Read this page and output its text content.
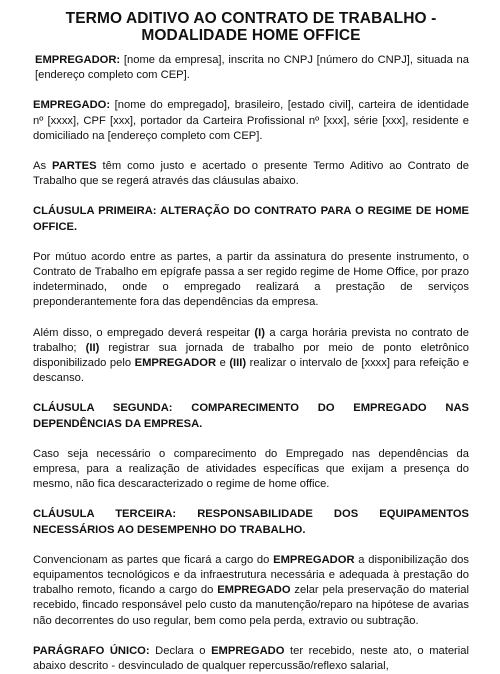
TERMO ADITIVO AO CONTRATO DE TRABALHO -
MODALIDADE HOME OFFICE

EMPREGADOR: [nome da empresa], inscrita no CNPJ [número do CNPJ], situada na [endereço completo com CEP].

EMPREGADO: [nome do empregado], brasileiro, [estado civil], carteira de identidade nº [xxxx], CPF [xxx], portador da Carteira Profissional nº [xxx], série [xxx], residente e domiciliado na [endereço completo com CEP].

As PARTES têm como justo e acertado o presente Termo Aditivo ao Contrato de Trabalho que se regerá através das cláusulas abaixo.

CLÁUSULA PRIMEIRA: ALTERAÇÃO DO CONTRATO PARA O REGIME DE HOME OFFICE.

Por mútuo acordo entre as partes, a partir da assinatura do presente instrumento, o Contrato de Trabalho em epígrafe passa a ser regido regime de Home Office, por prazo indeterminado, onde o empregado realizará a prestação de serviços preponderantemente fora das dependências da empresa.

Além disso, o empregado deverá respeitar (I) a carga horária prevista no contrato de trabalho; (II) registrar sua jornada de trabalho por meio de ponto eletrônico disponibilizado pelo EMPREGADOR e (III) realizar o intervalo de [xxxx] para refeição e descanso.

CLÁUSULA SEGUNDA: COMPARECIMENTO DO EMPREGADO NAS
DEPENDÊNCIAS DA EMPRESA.

Caso seja necessário o comparecimento do Empregado nas dependências da empresa, para a realização de atividades específicas que exijam a presença do mesmo, não fica descaracterizado o regime de home office.

CLÁUSULA TERCEIRA: RESPONSABILIDADE DOS EQUIPAMENTOS
NECESSÁRIOS AO DESEMPENHO DO TRABALHO.

Convencionam as partes que ficará a cargo do EMPREGADOR a disponibilização dos equipamentos tecnológicos e da infraestrutura necessária e adequada à prestação do trabalho remoto, ficando a cargo do EMPREGADO zelar pela preservação do material recebido, fincado responsável pelo custo da manutenção/reparo na hipótese de avarias não decorrentes do uso regular, bem como pela perda, extravio ou subtração.

PARÁGRAFO ÚNICO: Declara o EMPREGADO ter recebido, neste ato, o material abaixo descrito - desvinculado de qualquer repercussão/reflexo salarial,
